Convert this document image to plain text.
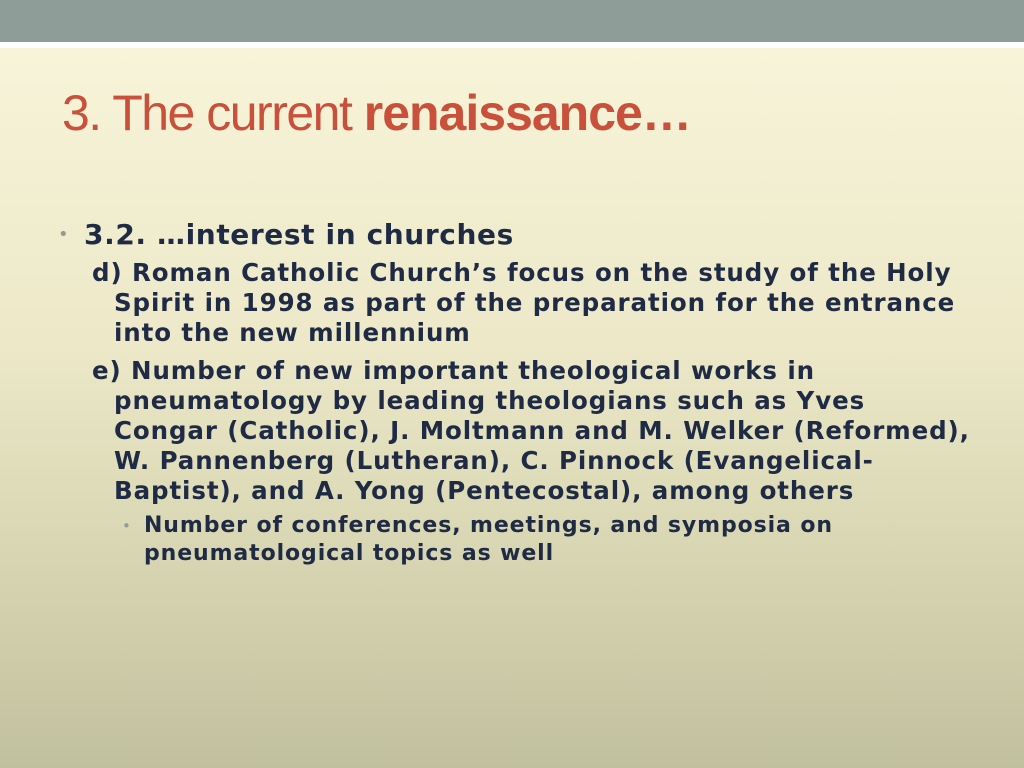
3. The current renaissance…
• 3.2. …interest in churches
d) Roman Catholic Church’s focus on the study of the Holy Spirit in 1998 as part of the preparation for the entrance into the new millennium
e) Number of new important theological works in pneumatology by leading theologians such as Yves Congar (Catholic), J. Moltmann and M. Welker (Reformed), W. Pannenberg (Lutheran), C. Pinnock (Evangelical-Baptist), and A. Yong (Pentecostal), among others
• Number of conferences, meetings, and symposia on pneumatological topics as well
